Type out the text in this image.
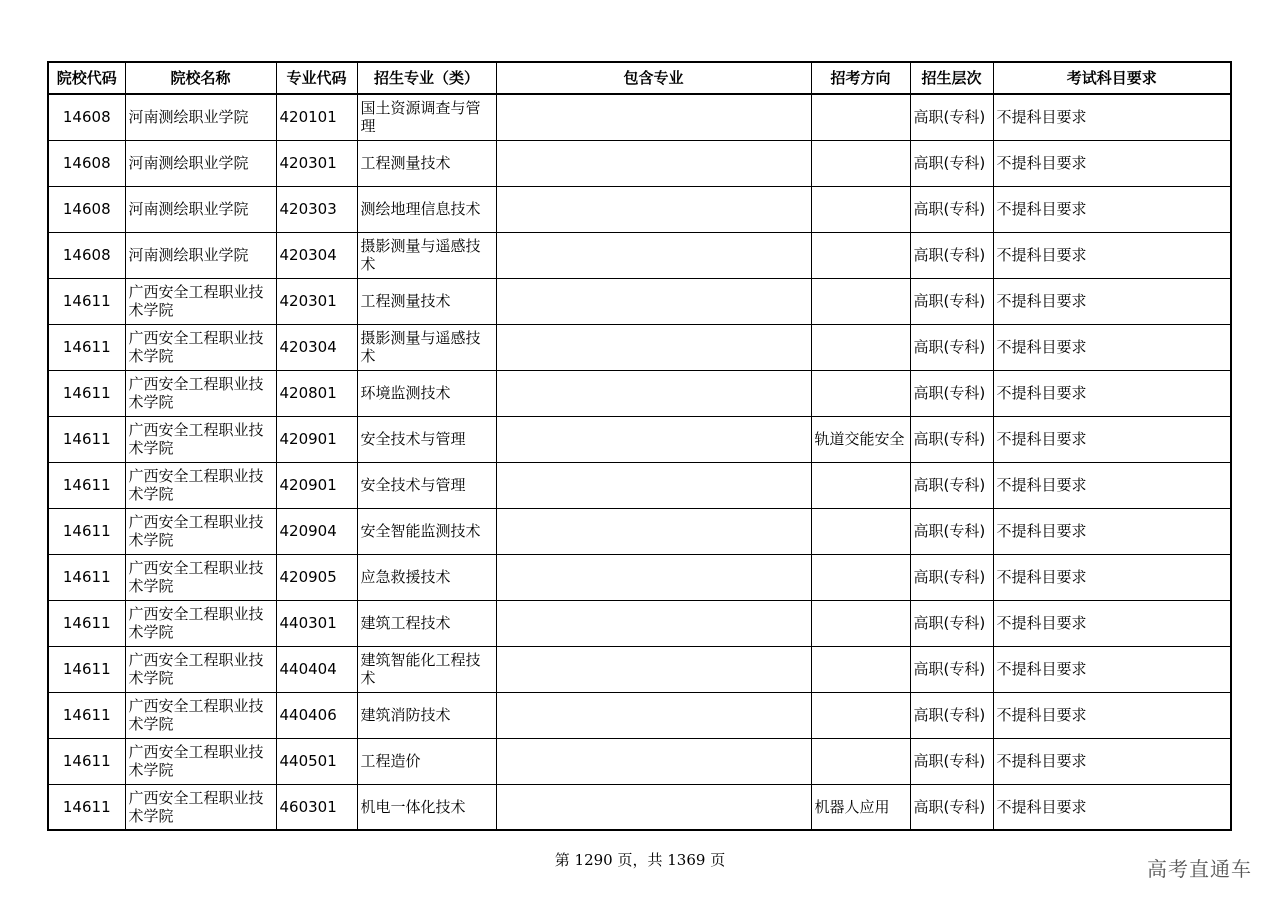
院校代码	院校名称	专业代码	招生专业（类）	包含专业	招考方向	招生层次	考试科目要求
14608	河南测绘职业学院	420101	国土资源调查与管理			高职(专科)	不提科目要求
14608	河南测绘职业学院	420301	工程测量技术			高职(专科)	不提科目要求
14608	河南测绘职业学院	420303	测绘地理信息技术			高职(专科)	不提科目要求
14608	河南测绘职业学院	420304	摄影测量与遥感技术			高职(专科)	不提科目要求
14611	广西安全工程职业技术学院	420301	工程测量技术			高职(专科)	不提科目要求
14611	广西安全工程职业技术学院	420304	摄影测量与遥感技术			高职(专科)	不提科目要求
14611	广西安全工程职业技术学院	420801	环境监测技术			高职(专科)	不提科目要求
14611	广西安全工程职业技术学院	420901	安全技术与管理		轨道交能安全	高职(专科)	不提科目要求
14611	广西安全工程职业技术学院	420901	安全技术与管理			高职(专科)	不提科目要求
14611	广西安全工程职业技术学院	420904	安全智能监测技术			高职(专科)	不提科目要求
14611	广西安全工程职业技术学院	420905	应急救援技术			高职(专科)	不提科目要求
14611	广西安全工程职业技术学院	440301	建筑工程技术			高职(专科)	不提科目要求
14611	广西安全工程职业技术学院	440404	建筑智能化工程技术			高职(专科)	不提科目要求
14611	广西安全工程职业技术学院	440406	建筑消防技术			高职(专科)	不提科目要求
14611	广西安全工程职业技术学院	440501	工程造价			高职(专科)	不提科目要求
14611	广西安全工程职业技术学院	460301	机电一体化技术		机器人应用	高职(专科)	不提科目要求
第 1290 页，共 1369 页	高考直通车
